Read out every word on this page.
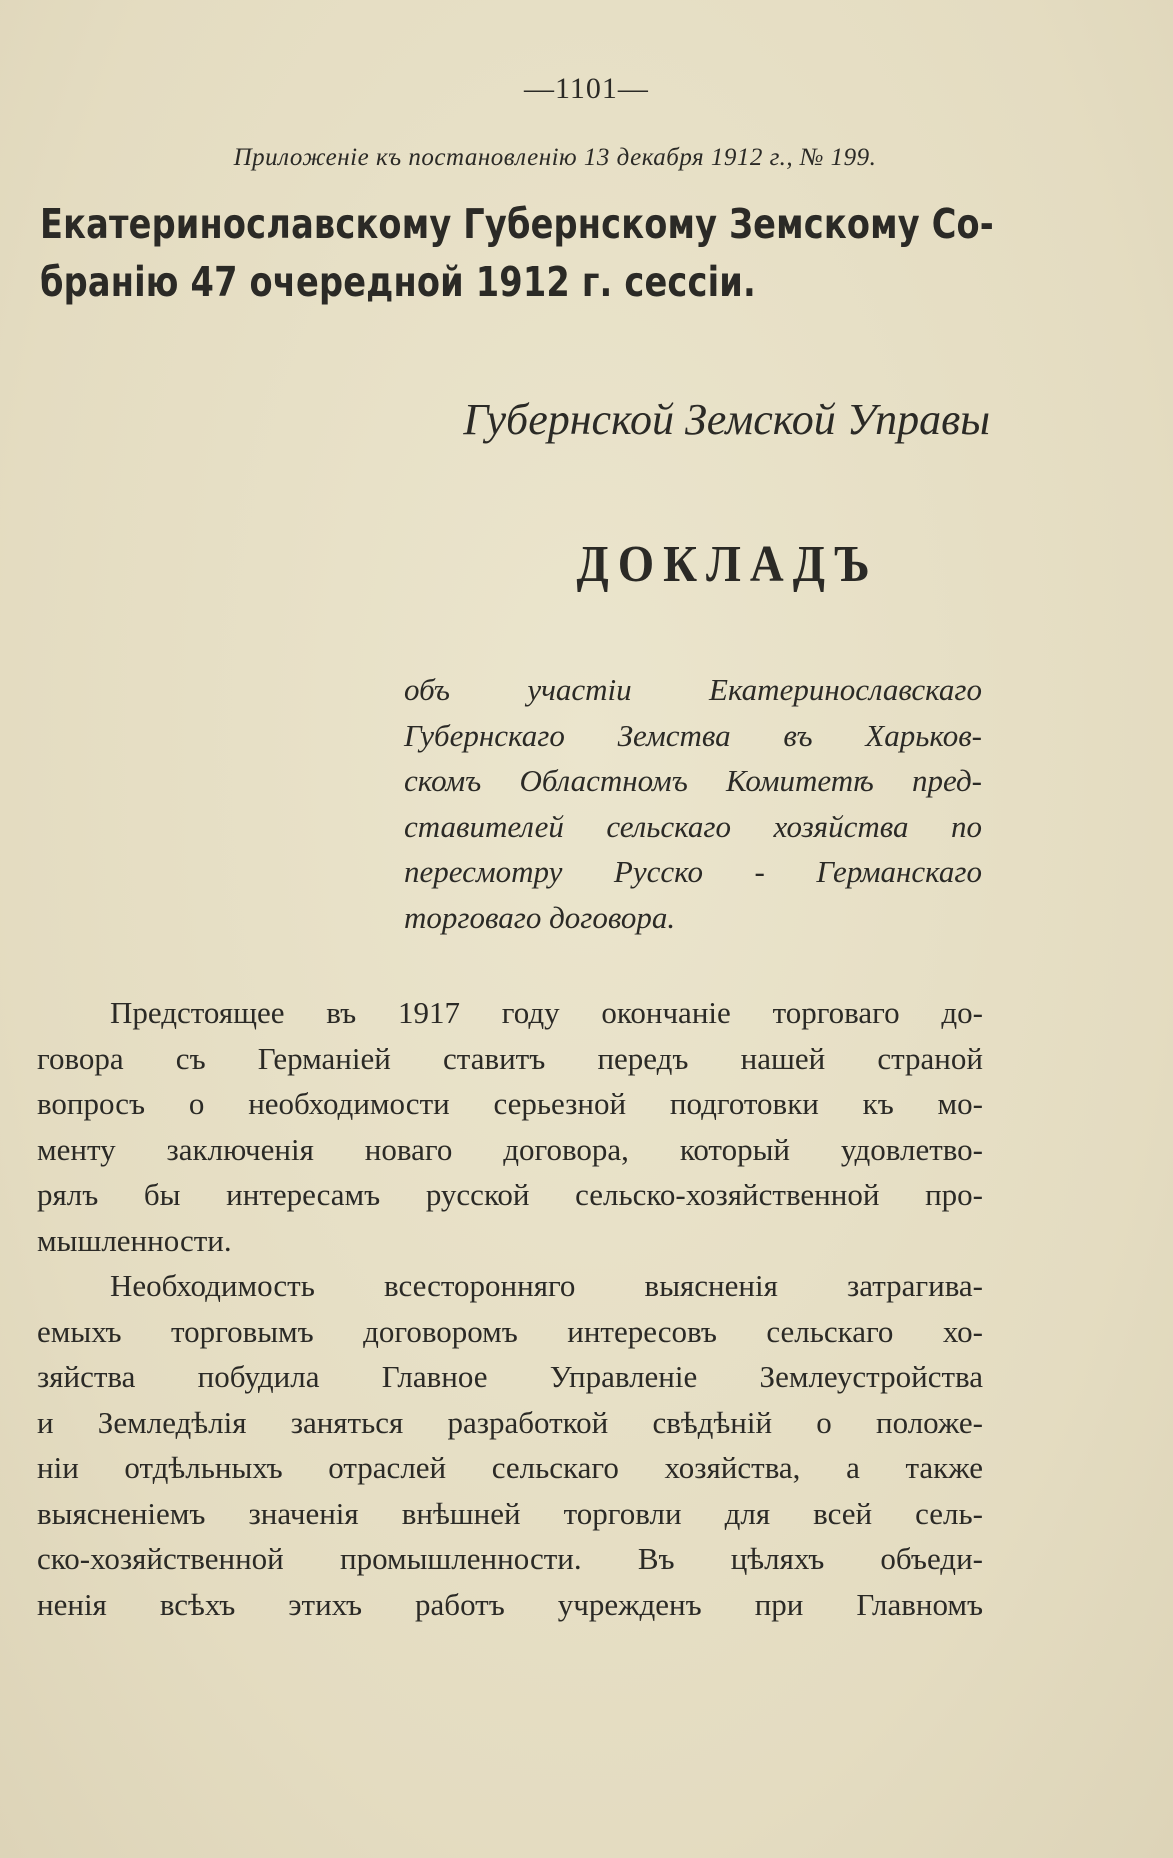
—1101—
Приложеніе къ постановленію 13 декабря 1912 г., № 199.
Екатеринославскому Губернскому Земскому Со-
бранію 47 очередной 1912 г. сессіи.
Губернской Земской Управы
ДОКЛАДЪ
объ участіи Екатеринославскаго
Губернскаго Земства въ Харьков-
скомъ Областномъ Комитетѣ пред-
ставителей сельскаго хозяйства по
пересмотру Русско - Германскаго
торговаго договора.
Предстоящее въ 1917 году окончаніе торговаго до-
говора съ Германіей ставитъ передъ нашей страной
вопросъ о необходимости серьезной подготовки къ мо-
менту заключенія новаго договора, который удовлетво-
рялъ бы интересамъ русской сельско-хозяйственной про-
мышленности.
Необходимость всесторонняго выясненія затрагива-
емыхъ торговымъ договоромъ интересовъ сельскаго хо-
зяйства побудила Главное Управленіе Землеустройства
и Земледѣлія заняться разработкой свѣдѣній о положе-
ніи отдѣльныхъ отраслей сельскаго хозяйства, а также
выясненіемъ значенія внѣшней торговли для всей сель-
ско-хозяйственной промышленности. Въ цѣляхъ объеди-
ненія всѣхъ этихъ работъ учрежденъ при Главномъ
